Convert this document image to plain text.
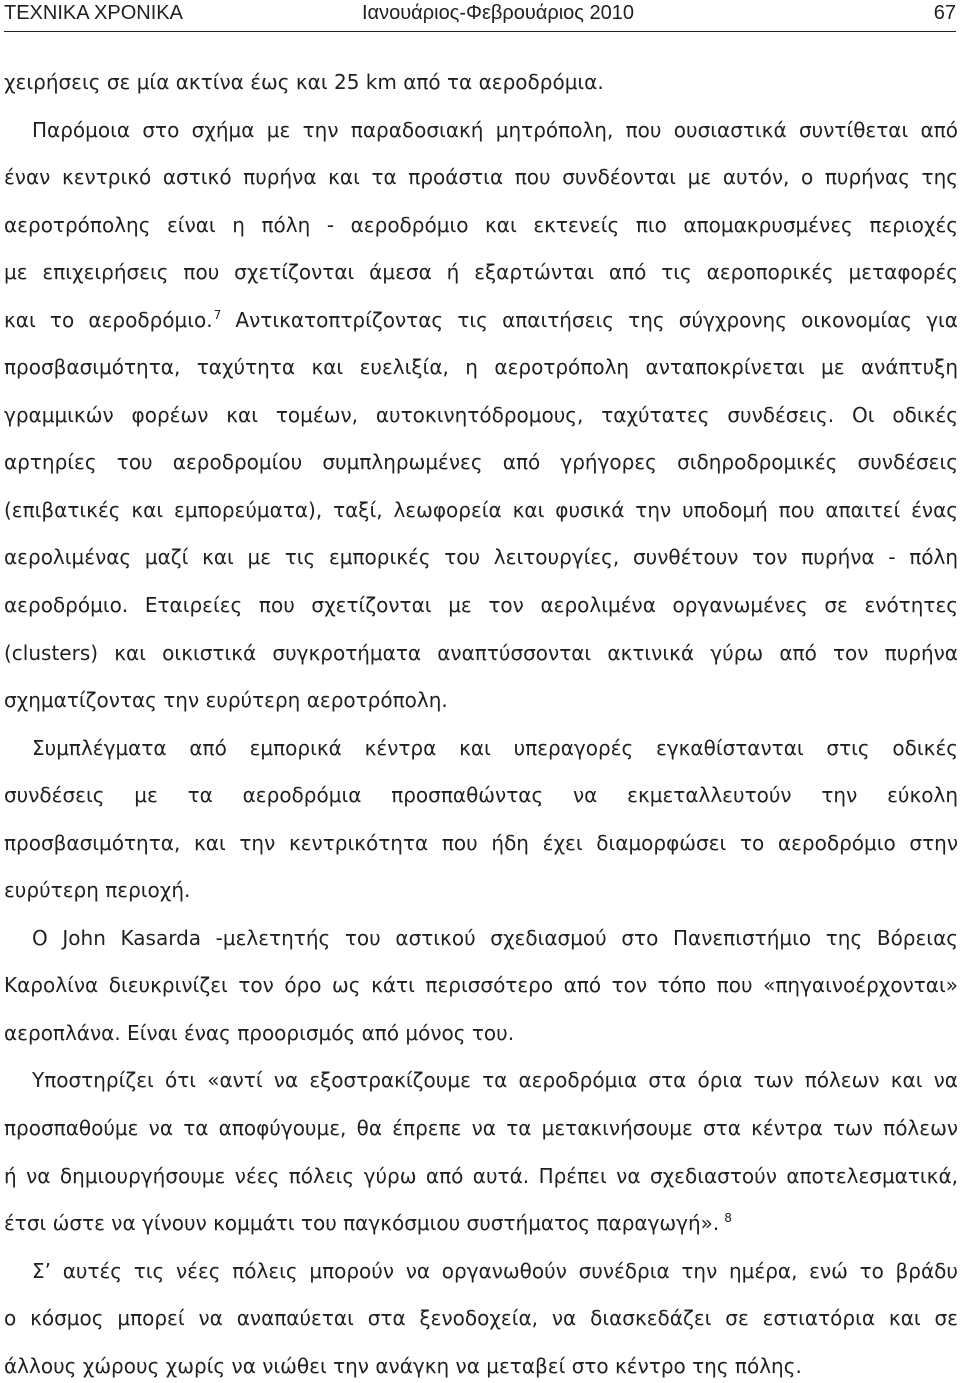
ΤΕΧΝΙΚΑ ΧΡΟΝΙΚΑ	Ιανουάριος-Φεβρουάριος 2010	67
χειρήσεις σε μία ακτίνα έως και 25 km από τα αεροδρόμια.
Παρόμοια στο σχήμα με την παραδοσιακή μητρόπολη, που ουσιαστικά συντίθεται από
έναν κεντρικό αστικό πυρήνα και τα προάστια που συνδέονται με αυτόν, ο πυρήνας της
αεροτρόπολης είναι η πόλη - αεροδρόμιο και εκτενείς πιο απομακρυσμένες περιοχές
με επιχειρήσεις που σχετίζονται άμεσα ή εξαρτώνται από τις αεροπορικές μεταφορές
και το αεροδρόμιο.$^7$ Αντικατοπτρίζοντας τις απαιτήσεις της σύγχρονης οικονομίας για
προσβασιμότητα, ταχύτητα και ευελιξία, η αεροτρόπολη ανταποκρίνεται με ανάπτυξη
γραμμικών φορέων και τομέων, αυτοκινητόδρομους, ταχύτατες συνδέσεις. Οι οδικές
αρτηρίες του αεροδρομίου συμπληρωμένες από γρήγορες σιδηροδρομικές συνδέσεις
(επιβατικές και εμπορεύματα), ταξί, λεωφορεία και φυσικά την υποδομή που απαιτεί ένας
αερολιμένας μαζί και με τις εμπορικές του λειτουργίες, συνθέτουν τον πυρήνα - πόλη
αεροδρόμιο. Εταιρείες που σχετίζονται με τον αερολιμένα οργανωμένες σε ενότητες
(clusters) και οικιστικά συγκροτήματα αναπτύσσονται ακτινικά γύρω από τον πυρήνα
σχηματίζοντας την ευρύτερη αεροτρόπολη.
Συμπλέγματα από εμπορικά κέντρα και υπεραγορές εγκαθίστανται στις οδικές
συνδέσεις με τα αεροδρόμια προσπαθώντας να εκμεταλλευτούν την εύκολη
προσβασιμότητα, και την κεντρικότητα που ήδη έχει διαμορφώσει το αεροδρόμιο στην
ευρύτερη περιοχή.
Ο John Kasarda -μελετητής του αστικού σχεδιασμού στο Πανεπιστήμιο της Βόρειας
Καρολίνα διευκρινίζει τον όρο ως κάτι περισσότερο από τον τόπο που «πηγαινοέρχονται»
αεροπλάνα. Είναι ένας προορισμός από μόνος του.
Υποστηρίζει ότι «αντί να εξοστρακίζουμε τα αεροδρόμια στα όρια των πόλεων και να
προσπαθούμε να τα αποφύγουμε, θα έπρεπε να τα μετακινήσουμε στα κέντρα των πόλεων
ή να δημιουργήσουμε νέες πόλεις γύρω από αυτά. Πρέπει να σχεδιαστούν αποτελεσματικά,
έτσι ώστε να γίνουν κομμάτι του παγκόσμιου συστήματος παραγωγή». $^8$
Σ’ αυτές τις νέες πόλεις μπορούν να οργανωθούν συνέδρια την ημέρα, ενώ το βράδυ
ο κόσμος μπορεί να αναπαύεται στα ξενοδοχεία, να διασκεδάζει σε εστιατόρια και σε
άλλους χώρους χωρίς να νιώθει την ανάγκη να μεταβεί στο κέντρο της πόλης.
